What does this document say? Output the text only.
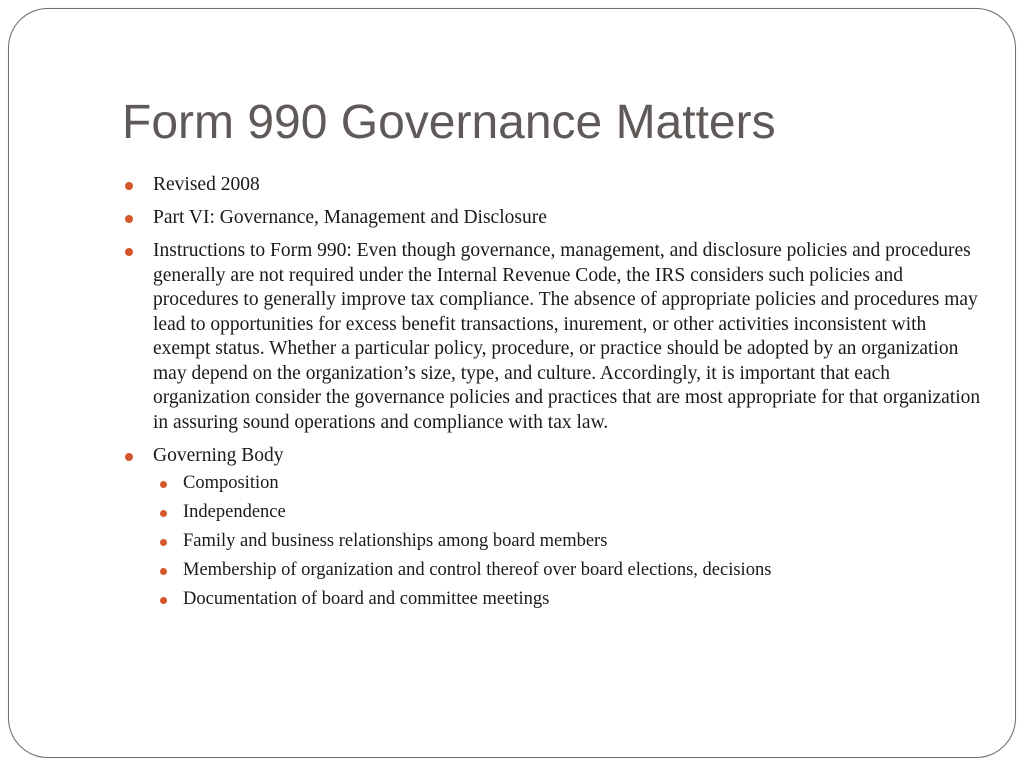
Form 990 Governance Matters
Revised 2008
Part VI: Governance, Management and Disclosure
Instructions to Form 990: Even though governance, management, and disclosure policies and procedures generally are not required under the Internal Revenue Code, the IRS considers such policies and procedures to generally improve tax compliance. The absence of appropriate policies and procedures may lead to opportunities for excess benefit transactions, inurement, or other activities inconsistent with exempt status. Whether a particular policy, procedure, or practice should be adopted by an organization may depend on the organization’s size, type, and culture. Accordingly, it is important that each organization consider the governance policies and practices that are most appropriate for that organization in assuring sound operations and compliance with tax law.
Governing Body
Composition
Independence
Family and business relationships among board members
Membership of organization and control thereof over board elections, decisions
Documentation of board and committee meetings
